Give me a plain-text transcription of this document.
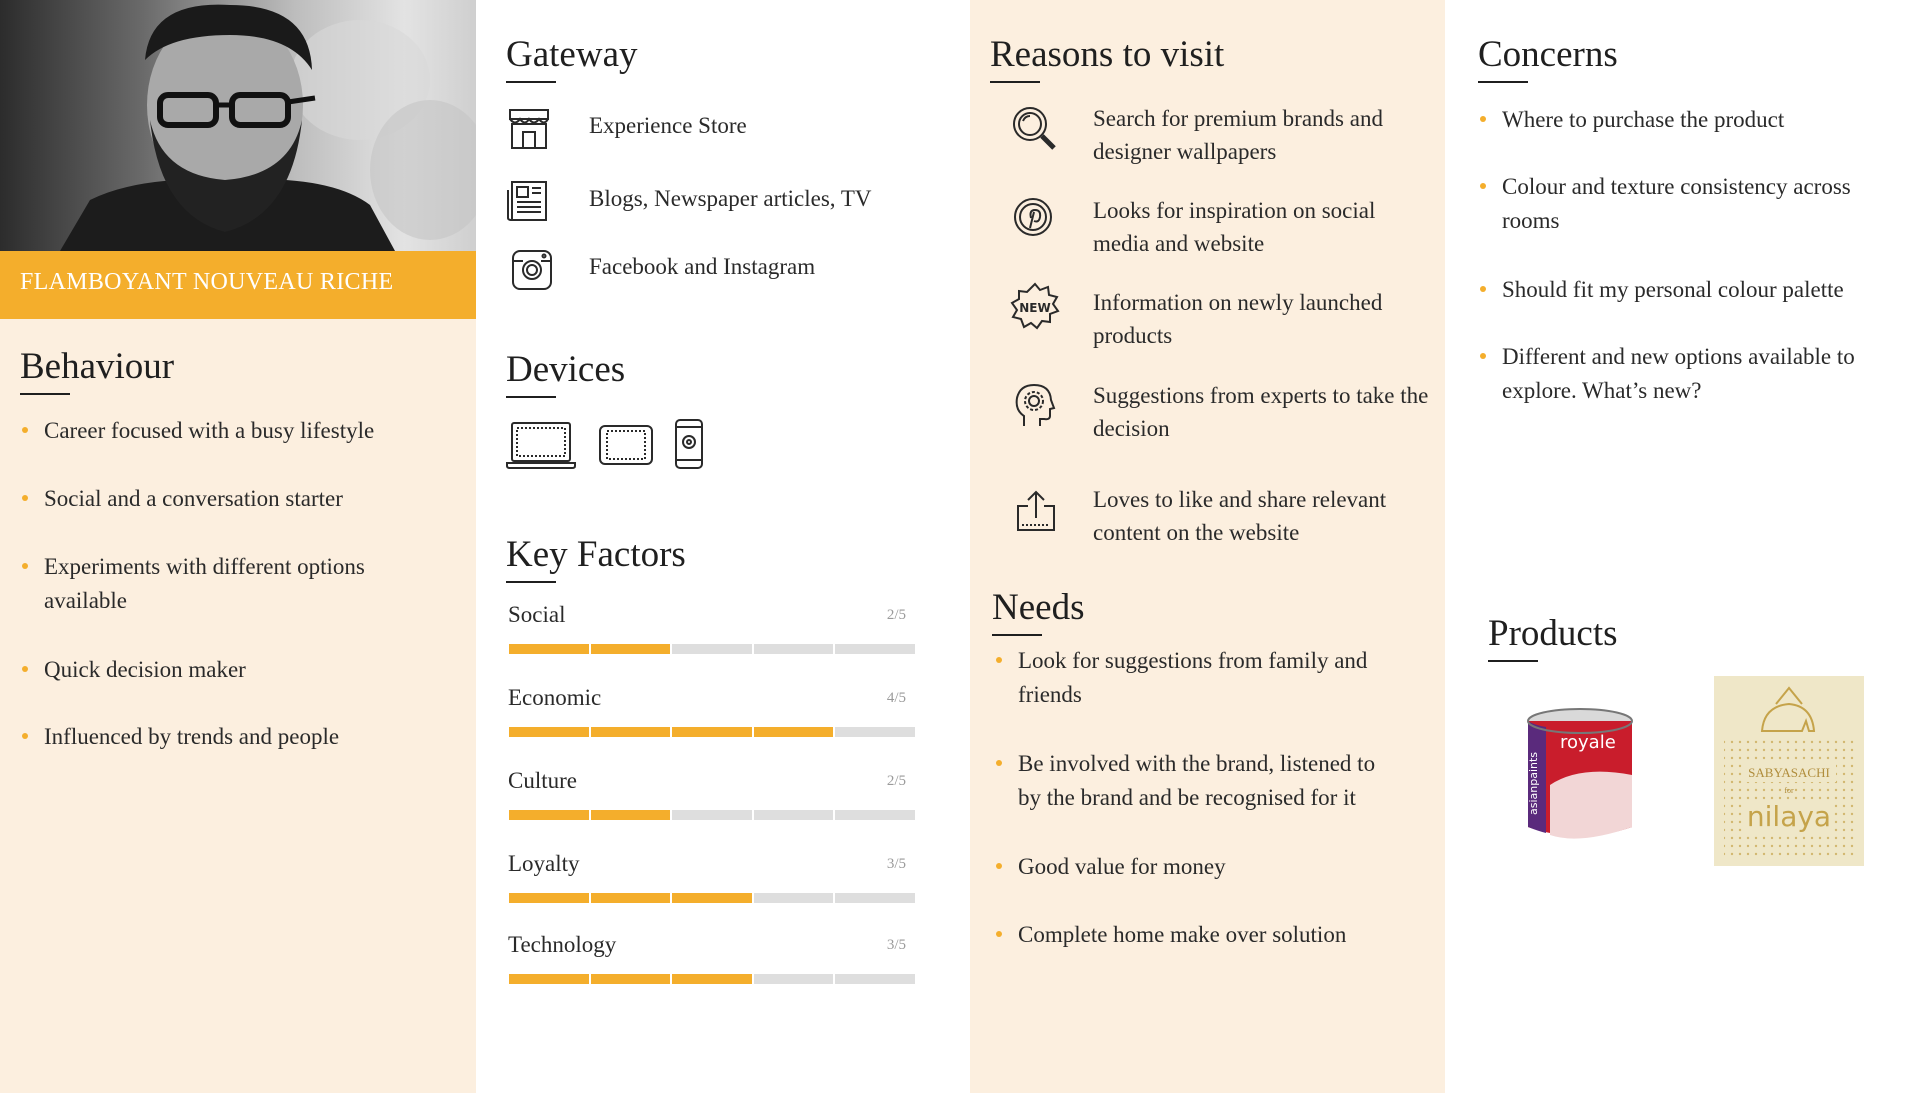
FLAMBOYANT NOUVEAU RICHE
Behaviour
Career focused with a busy lifestyle
Social and a conversation starter
Experiments with different options available
Quick decision maker
Influenced by trends and people
Gateway
Experience Store
Blogs, Newspaper articles, TV
Facebook and Instagram
Devices
Key Factors
Social	2/5
Economic	4/5
Culture	2/5
Loyalty	3/5
Technology	3/5
Reasons to visit
Search for premium brands and designer wallpapers
Looks for inspiration on social media and website
NEW Information on newly launched products
Suggestions from experts to take the decision
Loves to like and share relevant content on the website
Needs
Look for suggestions from family and friends
Be involved with the brand, listened to by the brand and be recognised for it
Good value for money
Complete home make over solution
Concerns
Where to purchase the product
Colour and texture consistency across rooms
Should fit my personal colour palette
Different and new options available to explore. What’s new?
Products
asianpaints
royale
SABYASACHI
for
nilaya
